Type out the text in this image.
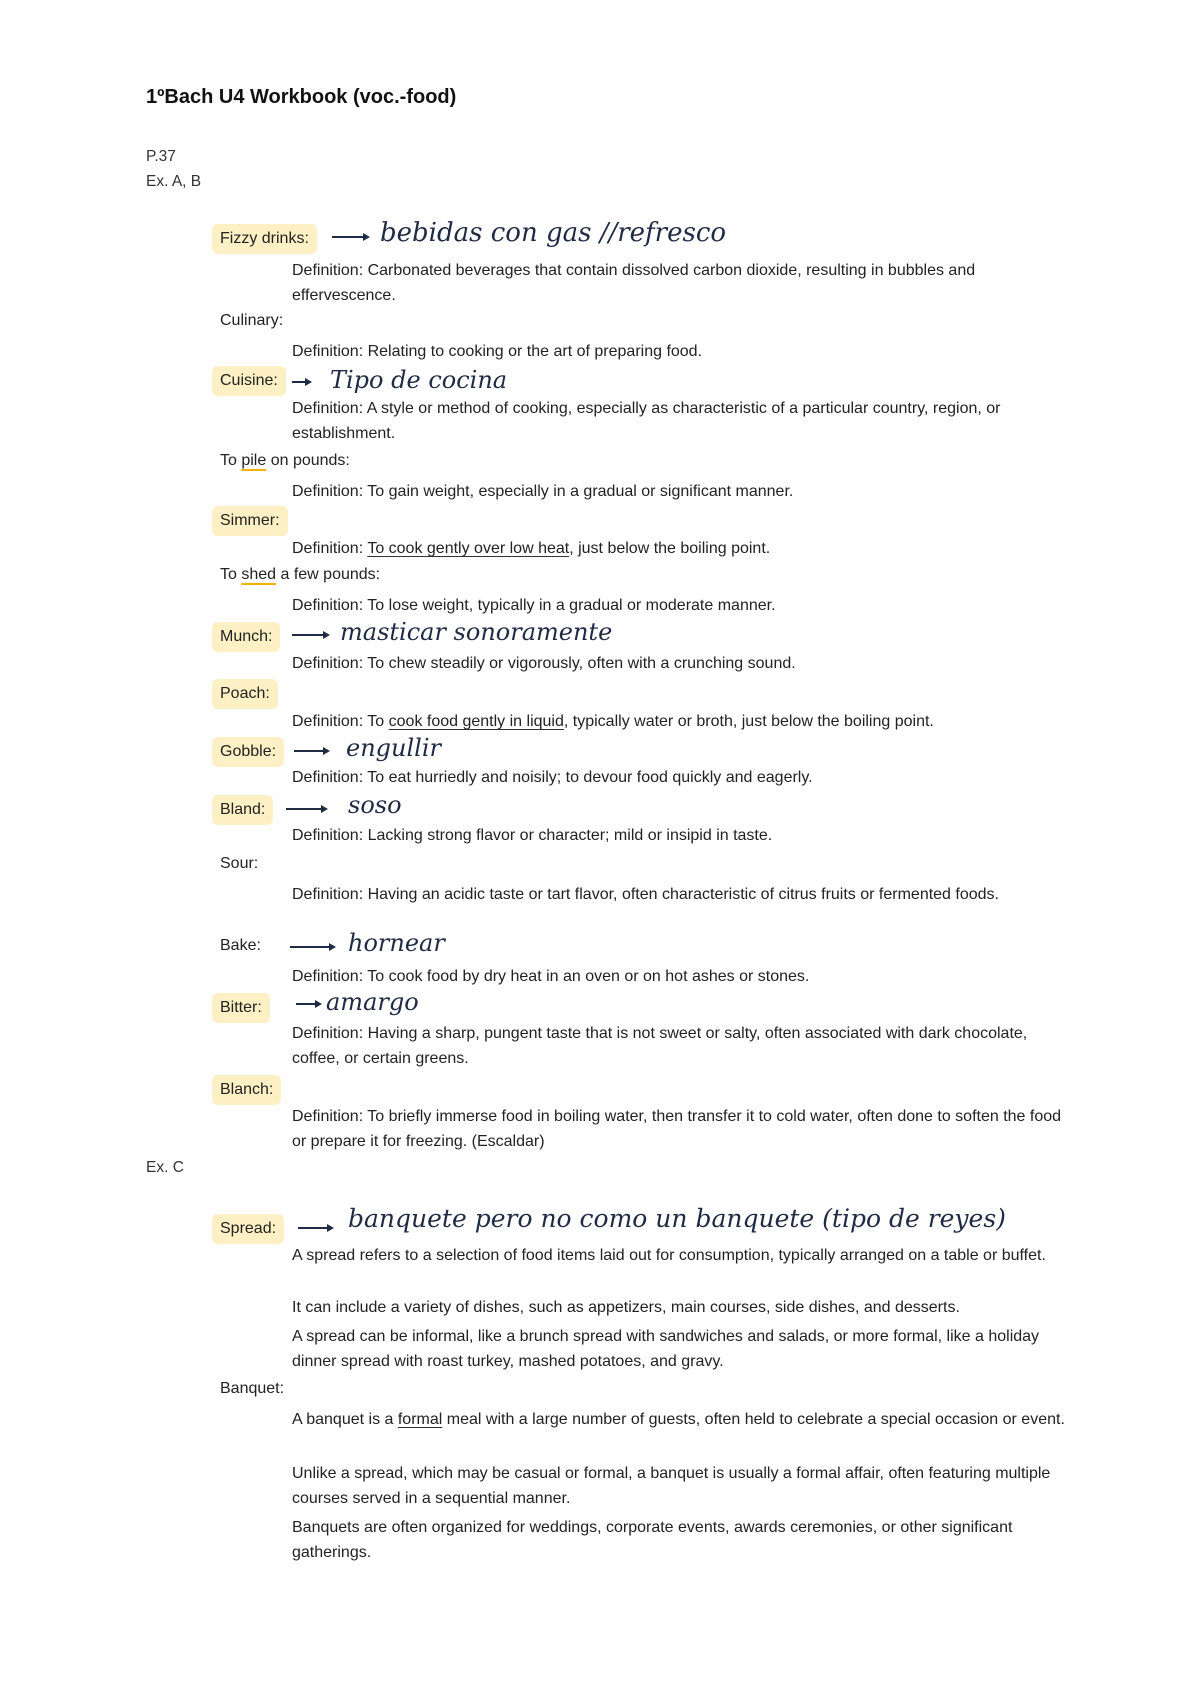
1ºBach U4 Workbook (voc.-food)
P.37
Ex. A, B
Fizzy drinks:	bebidas con gas //refresco
Definition: Carbonated beverages that contain dissolved carbon dioxide, resulting in bubbles and effervescence.
Culinary:
Definition: Relating to cooking or the art of preparing food.
Cuisine:	Tipo de cocina
Definition: A style or method of cooking, especially as characteristic of a particular country, region, or establishment.
To pile on pounds:
Definition: To gain weight, especially in a gradual or significant manner.
Simmer:
Definition: To cook gently over low heat, just below the boiling point.
To shed a few pounds:
Definition: To lose weight, typically in a gradual or moderate manner.
Munch:	masticar sonoramente
Definition: To chew steadily or vigorously, often with a crunching sound.
Poach:
Definition: To cook food gently in liquid, typically water or broth, just below the boiling point.
Gobble:	engullir
Definition: To eat hurriedly and noisily; to devour food quickly and eagerly.
Bland:	soso
Definition: Lacking strong flavor or character; mild or insipid in taste.
Sour:
Definition: Having an acidic taste or tart flavor, often characteristic of citrus fruits or fermented foods.
Bake:	hornear
Definition: To cook food by dry heat in an oven or on hot ashes or stones.
Bitter:	amargo
Definition: Having a sharp, pungent taste that is not sweet or salty, often associated with dark chocolate, coffee, or certain greens.
Blanch:
Definition: To briefly immerse food in boiling water, then transfer it to cold water, often done to soften the food or prepare it for freezing. (Escaldar)
Ex. C
Spread:	banquete pero no como un banquete (tipo de reyes)
A spread refers to a selection of food items laid out for consumption, typically arranged on a table or buffet.
It can include a variety of dishes, such as appetizers, main courses, side dishes, and desserts.
A spread can be informal, like a brunch spread with sandwiches and salads, or more formal, like a holiday dinner spread with roast turkey, mashed potatoes, and gravy.
Banquet:
A banquet is a formal meal with a large number of guests, often held to celebrate a special occasion or event.
Unlike a spread, which may be casual or formal, a banquet is usually a formal affair, often featuring multiple courses served in a sequential manner.
Banquets are often organized for weddings, corporate events, awards ceremonies, or other significant gatherings.
